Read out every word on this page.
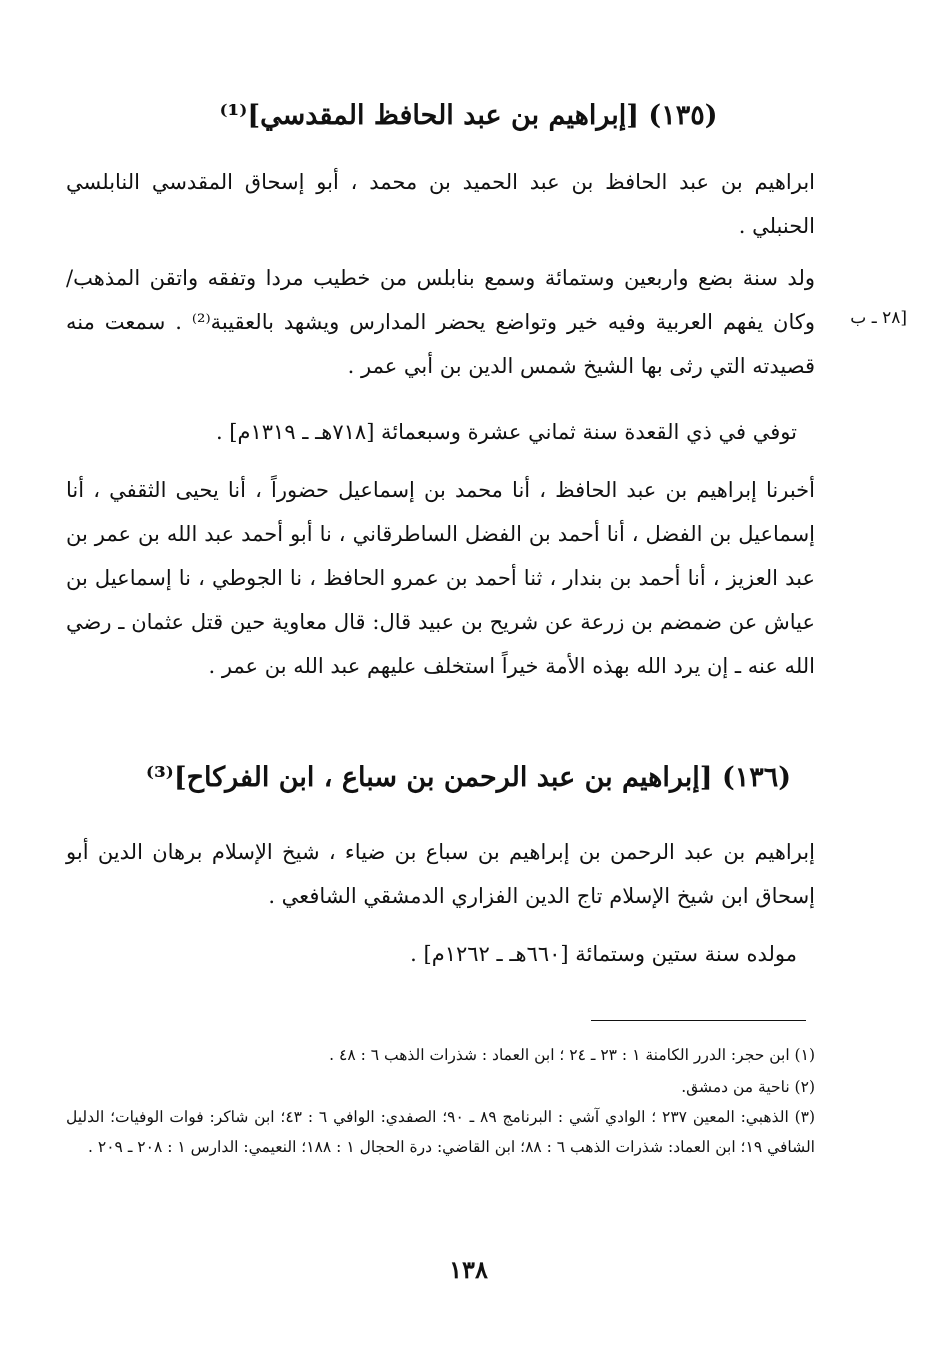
(١٣٥) [إبراهيم بن عبد الحافظ المقدسي]⁽¹⁾
ابراهيم بن عبد الحافظ بن عبد الحميد بن محمد ، أبو إسحاق المقدسي النابلسي الحنبلي .
[٢٨ ـ ب
ولد سنة بضع واربعين وستمائة وسمع بنابلس من خطيب مردا وتفقه واتقن المذهب/ وكان يفهم العربية وفيه خير وتواضع يحضر المدارس ويشهد بالعقيبة⁽²⁾ . سمعت منه قصيدته التي رثى بها الشيخ شمس الدين بن أبي عمر .
توفي في ذي القعدة سنة ثماني عشرة وسبعمائة [٧١٨هـ ـ ١٣١٩م] .
أخبرنا إبراهيم بن عبد الحافظ ، أنا محمد بن إسماعيل حضوراً ، أنا يحيى الثقفي ، أنا إسماعيل بن الفضل ، أنا أحمد بن الفضل الساطرقاني ، نا أبو أحمد عبد الله بن عمر بن عبد العزيز ، أنا أحمد بن بندار ، ثنا أحمد بن عمرو الحافظ ، نا الجوطي ، نا إسماعيل بن عياش عن ضمضم بن زرعة عن شريح بن عبيد قال: قال معاوية حين قتل عثمان ـ رضي الله عنه ـ إن يرد الله بهذه الأمة خيراً استخلف عليهم عبد الله بن عمر .
(١٣٦) [إبراهيم بن عبد الرحمن بن سباع ، ابن الفركاح]⁽³⁾
إبراهيم بن عبد الرحمن بن إبراهيم بن سباع بن ضياء ، شيخ الإسلام برهان الدين أبو إسحاق ابن شيخ الإسلام تاج الدين الفزاري الدمشقي الشافعي .
مولده سنة ستين وستمائة [٦٦٠هـ ـ ١٢٦٢م] .
(١) ابن حجر: الدرر الكامنة ١ : ٢٣ ـ ٢٤ ؛ ابن العماد : شذرات الذهب ٦ : ٤٨ .
(٢) ناحية من دمشق.
(٣) الذهبي: المعين ٢٣٧ ؛ الوادي آشي : البرنامج ٨٩ ـ ٩٠؛ الصفدي: الوافي ٦ : ٤٣؛ ابن شاكر: فوات الوفيات؛ الدليل الشافي ١٩؛ ابن العماد: شذرات الذهب ٦ : ٨٨؛ ابن القاضي: درة الحجال ١ : ١٨٨؛ النعيمي: الدارس ١ : ٢٠٨ ـ ٢٠٩ .
١٣٨
